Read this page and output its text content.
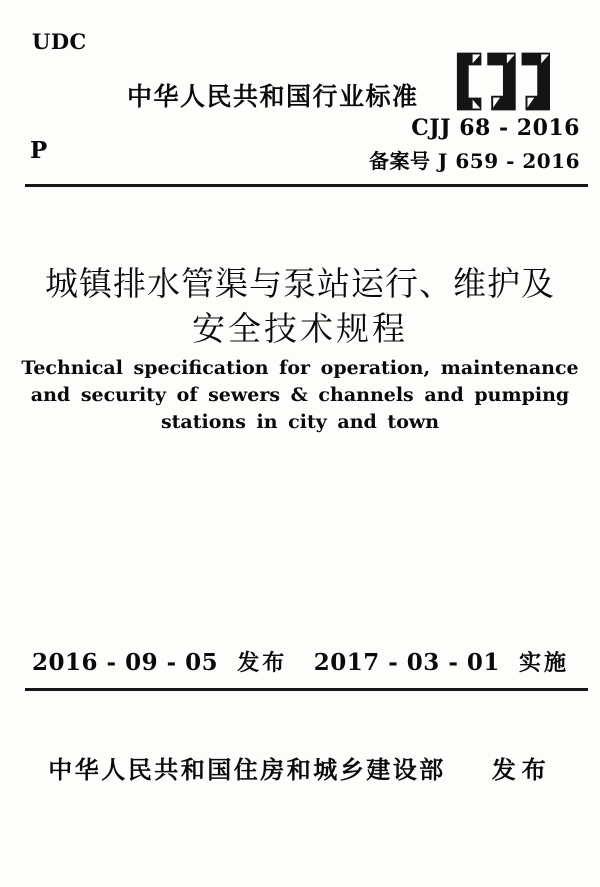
UDC
中华人民共和国行业标准
CJJ 68 - 2016
备案号 J 659 - 2016
P
城镇排水管渠与泵站运行、维护及
安全技术规程
Technical specification for operation, maintenance
and security of sewers & channels and pumping
stations in city and town
2016 - 09 - 05 发布 2017 - 03 - 01 实施
中华人民共和国住房和城乡建设部 发布
